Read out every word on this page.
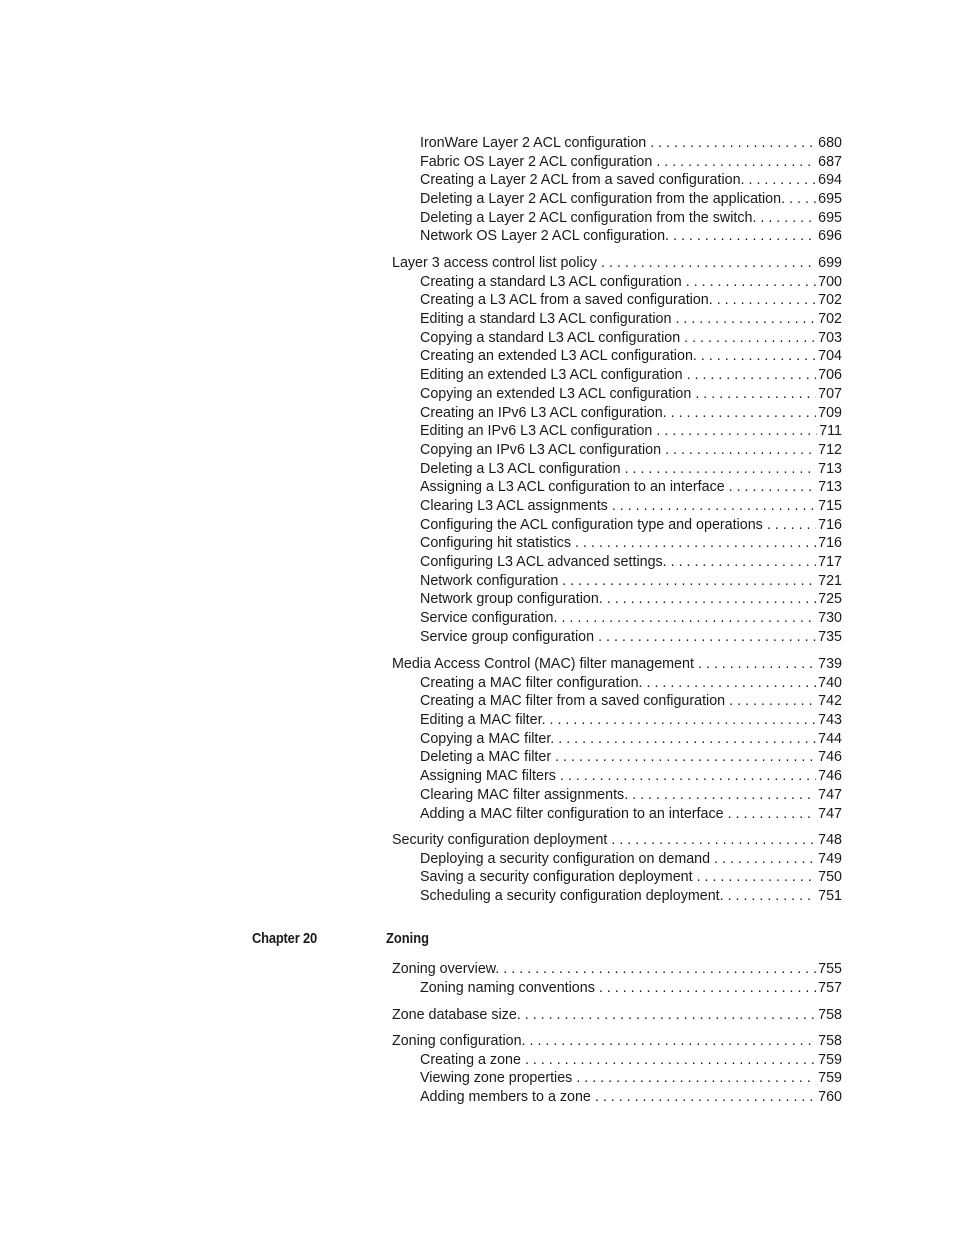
IronWare Layer 2 ACL configuration . . .	680
Fabric OS Layer 2 ACL configuration . . .	687
Creating a Layer 2 ACL from a saved configuration. . . .	694
Deleting a Layer 2 ACL configuration from the application. . . . 695
Deleting a Layer 2 ACL configuration from the switch. . . .	695
Network OS Layer 2 ACL configuration. . . .	696
Layer 3 access control list policy . . .	699
Creating a standard L3 ACL configuration . . .	700
Creating a L3 ACL from a saved configuration. . . .	702
Editing a standard L3 ACL configuration . . .	702
Copying a standard L3 ACL configuration . . .	703
Creating an extended L3 ACL configuration. . . .	704
Editing an extended L3 ACL configuration . . .	706
Copying an extended L3 ACL configuration . . .	707
Creating an IPv6 L3 ACL configuration. . . .	709
Editing an IPv6 L3 ACL configuration . . .	711
Copying an IPv6 L3 ACL configuration . . .	712
Deleting a L3 ACL configuration . . .	713
Assigning a L3 ACL configuration to an interface . . .	713
Clearing L3 ACL assignments . . .	715
Configuring the ACL configuration type and operations . . .	716
Configuring hit statistics . . .	716
Configuring L3 ACL advanced settings. . . .	717
Network configuration . . .	721
Network group configuration. . . .	725
Service configuration. . . .	730
Service group configuration . . .	735
Media Access Control (MAC) filter management . . .	739
Creating a MAC filter configuration. . . .	740
Creating a MAC filter from a saved configuration . . .	742
Editing a MAC filter. . . .	743
Copying a MAC filter. . . .	744
Deleting a MAC filter . . .	746
Assigning MAC filters . . .	746
Clearing MAC filter assignments. . . .	747
Adding a MAC filter configuration to an interface . . .	747
Security configuration deployment . . .	748
Deploying a security configuration on demand . . .	749
Saving a security configuration deployment . . .	750
Scheduling a security configuration deployment. . . .	751
Chapter 20	Zoning
Zoning overview. . . .	755
Zoning naming conventions . . .	757
Zone database size. . . .	758
Zoning configuration. . . .	758
Creating a zone . . .	759
Viewing zone properties . . .	759
Adding members to a zone . . .	760
